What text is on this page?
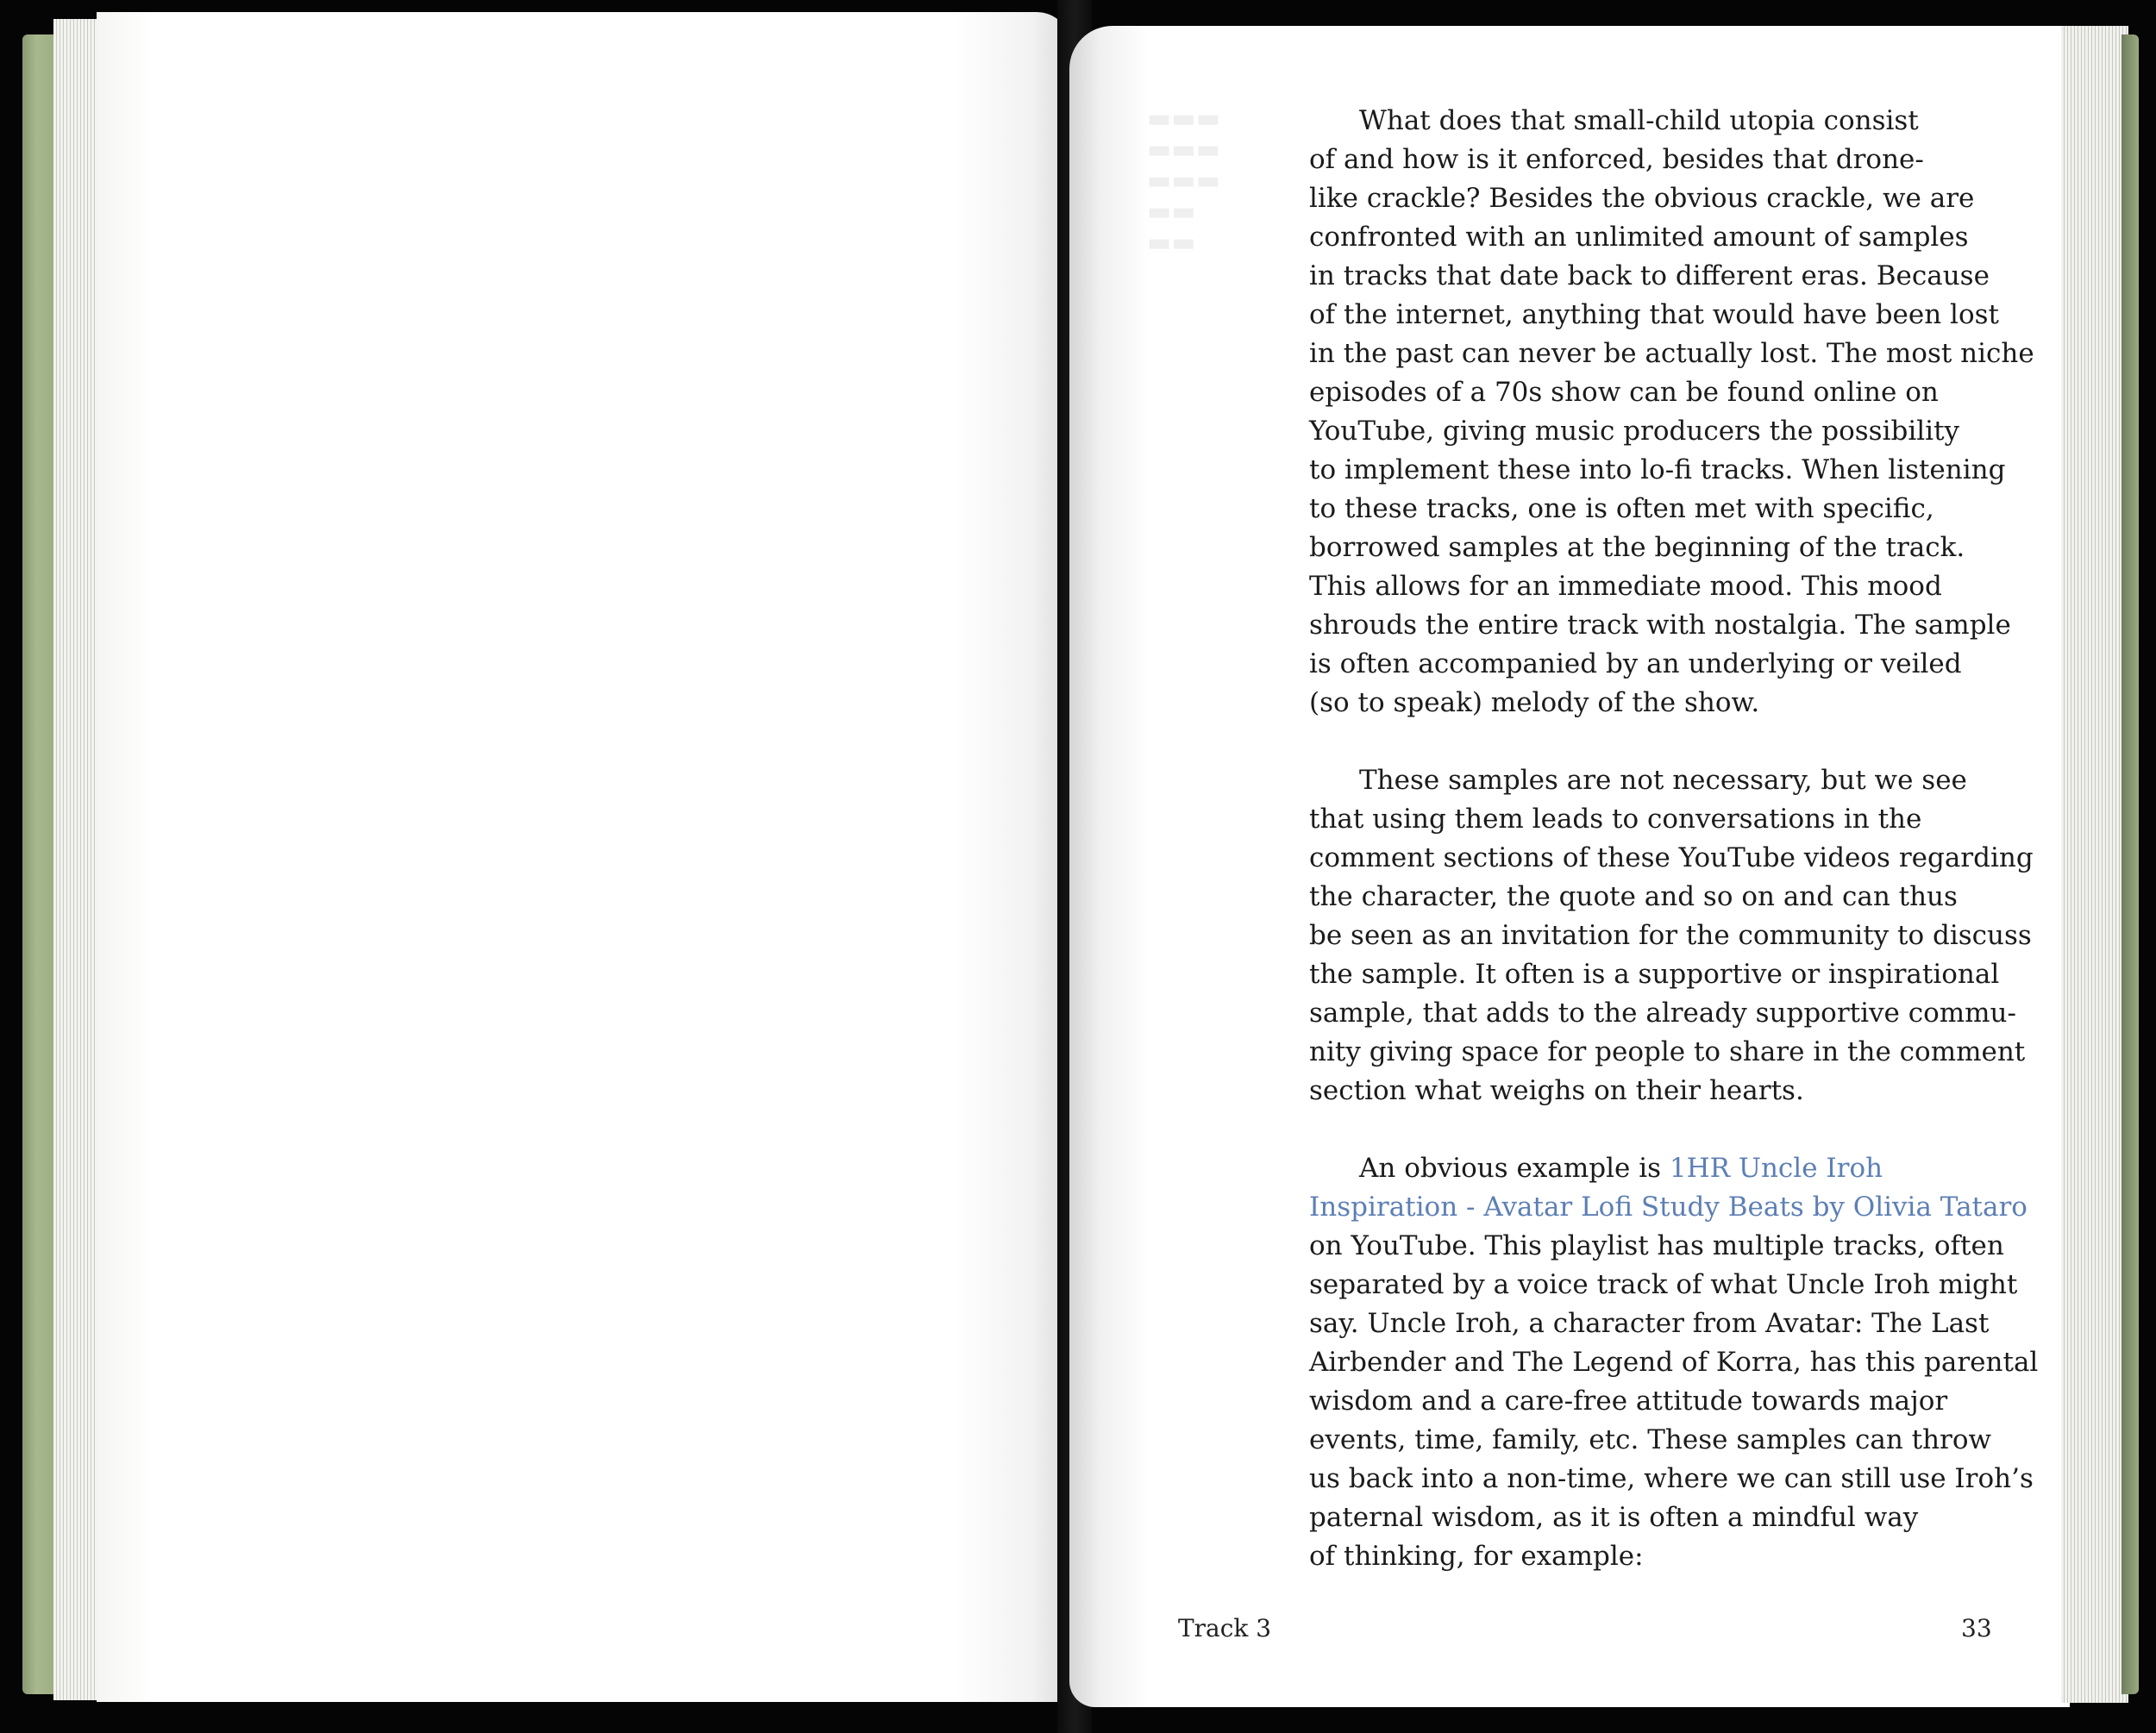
▬▬▬
▬▬▬
▬▬▬
▬▬
▬▬

What does that small-child utopia consist
of and how is it enforced, besides that drone-
like crackle? Besides the obvious crackle, we are
confronted with an unlimited amount of samples
in tracks that date back to different eras. Because
of the internet, anything that would have been lost
in the past can never be actually lost. The most niche
episodes of a 70s show can be found online on
YouTube, giving music producers the possibility
to implement these into lo-fi tracks. When listening
to these tracks, one is often met with specific,
borrowed samples at the beginning of the track.
This allows for an immediate mood. This mood
shrouds the entire track with nostalgia. The sample
is often accompanied by an underlying or veiled
(so to speak) melody of the show.

These samples are not necessary, but we see
that using them leads to conversations in the
comment sections of these YouTube videos regarding
the character, the quote and so on and can thus
be seen as an invitation for the community to discuss
the sample. It often is a supportive or inspirational
sample, that adds to the already supportive commu-
nity giving space for people to share in the comment
section what weighs on their hearts.

An obvious example is 1HR Uncle Iroh
Inspiration - Avatar Lofi Study Beats by Olivia Tataro
on YouTube. This playlist has multiple tracks, often
separated by a voice track of what Uncle Iroh might
say. Uncle Iroh, a character from Avatar: The Last
Airbender and The Legend of Korra, has this parental
wisdom and a care-free attitude towards major
events, time, family, etc. These samples can throw
us back into a non-time, where we can still use Iroh’s
paternal wisdom, as it is often a mindful way
of thinking, for example:

Track 3	33
